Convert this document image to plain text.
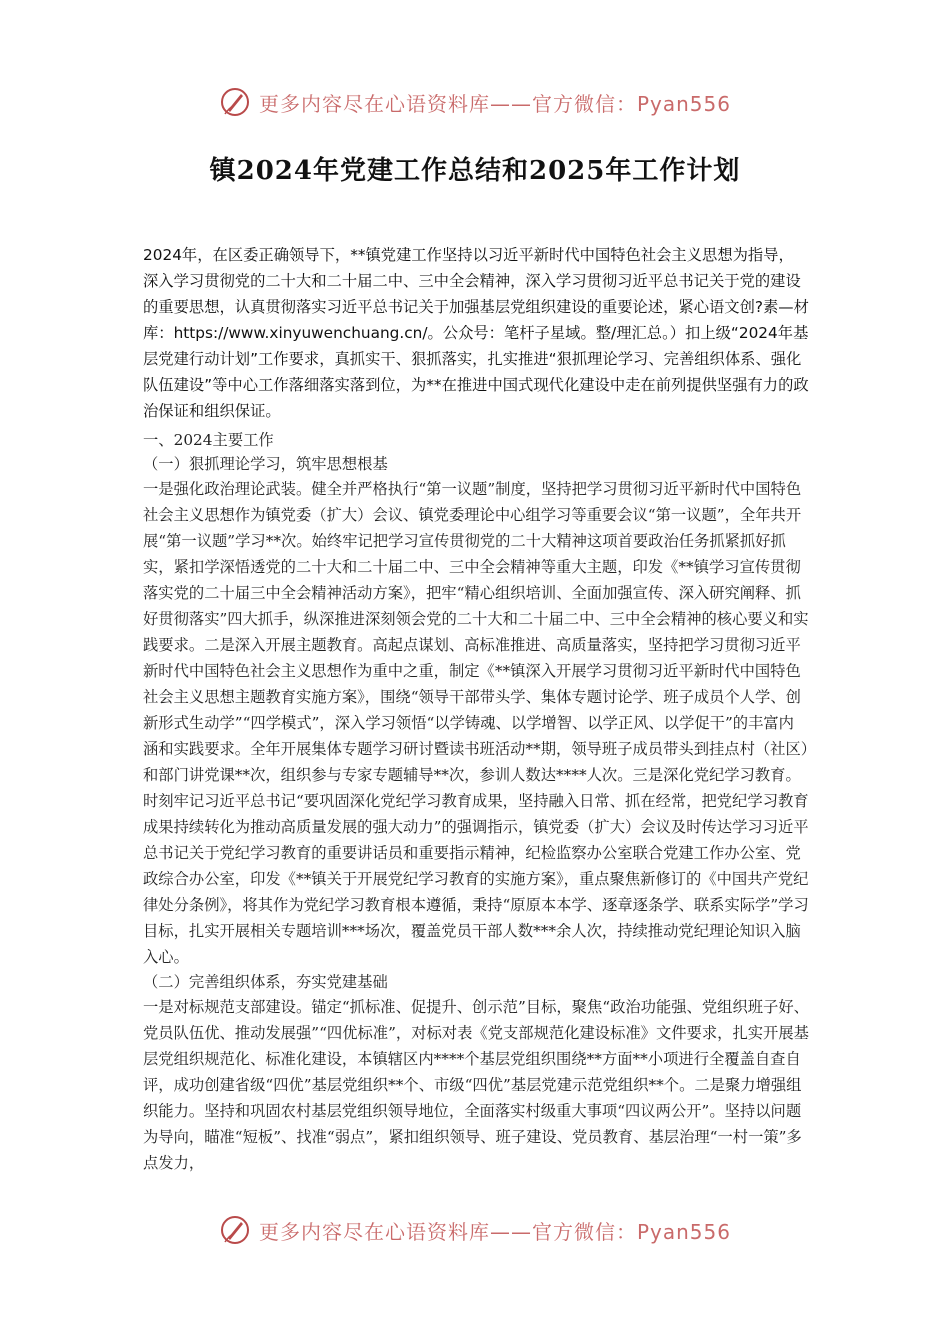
更多内容尽在心语资料库——官方微信：Pyan556
镇2024年党建工作总结和2025年工作计划

2024年，在区委正确领导下，**镇党建工作坚持以习近平新时代中国特色社会主义思想为指导，深入学习贯彻党的二十大和二十届二中、三中全会精神，深入学习贯彻习近平总书记关于党的建设的重要思想，认真贯彻落实习近平总书记关于加强基层党组织建设的重要论述，紧心语文创?素—材库：https://www.xinyuwenchuang.cn/。公众号：笔杆子星域。整/理汇总。）扣上级“2024年基层党建行动计划”工作要求，真抓实干、狠抓落实，扎实推进“狠抓理论学习、完善组织体系、强化队伍建设”等中心工作落细落实落到位，为**在推进中国式现代化建设中走在前列提供坚强有力的政治保证和组织保证。

一、2024主要工作

（一）狠抓理论学习，筑牢思想根基

一是强化政治理论武装。健全并严格执行“第一议题”制度，坚持把学习贯彻习近平新时代中国特色社会主义思想作为镇党委（扩大）会议、镇党委理论中心组学习等重要会议“第一议题”，全年共开展“第一议题”学习**次。始终牢记把学习宣传贯彻党的二十大精神这项首要政治任务抓紧抓好抓实，紧扣学深悟透党的二十大和二十届二中、三中全会精神等重大主题，印发《**镇学习宣传贯彻落实党的二十届三中全会精神活动方案》，把牢“精心组织培训、全面加强宣传、深入研究阐释、抓好贯彻落实”四大抓手，纵深推进深刻领会党的二十大和二十届二中、三中全会精神的核心要义和实践要求。二是深入开展主题教育。高起点谋划、高标准推进、高质量落实，坚持把学习贯彻习近平新时代中国特色社会主义思想作为重中之重，制定《**镇深入开展学习贯彻习近平新时代中国特色社会主义思想主题教育实施方案》，围绕“领导干部带头学、集体专题讨论学、班子成员个人学、创新形式生动学”“四学模式”，深入学习领悟“以学铸魂、以学增智、以学正风、以学促干”的丰富内涵和实践要求。全年开展集体专题学习研讨暨读书班活动**期，领导班子成员带头到挂点村（社区）和部门讲党课**次，组织参与专家专题辅导**次，参训人数达****人次。三是深化党纪学习教育。时刻牢记习近平总书记“要巩固深化党纪学习教育成果，坚持融入日常、抓在经常，把党纪学习教育成果持续转化为推动高质量发展的强大动力”的强调指示，镇党委（扩大）会议及时传达学习习近平总书记关于党纪学习教育的重要讲话员和重要指示精神，纪检监察办公室联合党建工作办公室、党政综合办公室，印发《**镇关于开展党纪学习教育的实施方案》，重点聚焦新修订的《中国共产党纪律处分条例》，将其作为党纪学习教育根本遵循，秉持“原原本本学、逐章逐条学、联系实际学”学习目标，扎实开展相关专题培训***场次，覆盖党员干部人数***余人次，持续推动党纪理论知识入脑入心。

（二）完善组织体系，夯实党建基础

一是对标规范支部建设。锚定“抓标准、促提升、创示范”目标，聚焦“政治功能强、党组织班子好、党员队伍优、推动发展强”“四优标准”，对标对表《党支部规范化建设标准》文件要求，扎实开展基层党组织规范化、标准化建设，本镇辖区内****个基层党组织围绕**方面**小项进行全覆盖自查自评，成功创建省级“四优”基层党组织**个、市级“四优”基层党建示范党组织**个。二是聚力增强组织能力。坚持和巩固农村基层党组织领导地位，全面落实村级重大事项“四议两公开”。坚持以问题为导向，瞄准“短板”、找准“弱点”，紧扣组织领导、班子建设、党员教育、基层治理“一村一策”多点发力，

更多内容尽在心语资料库——官方微信：Pyan556
